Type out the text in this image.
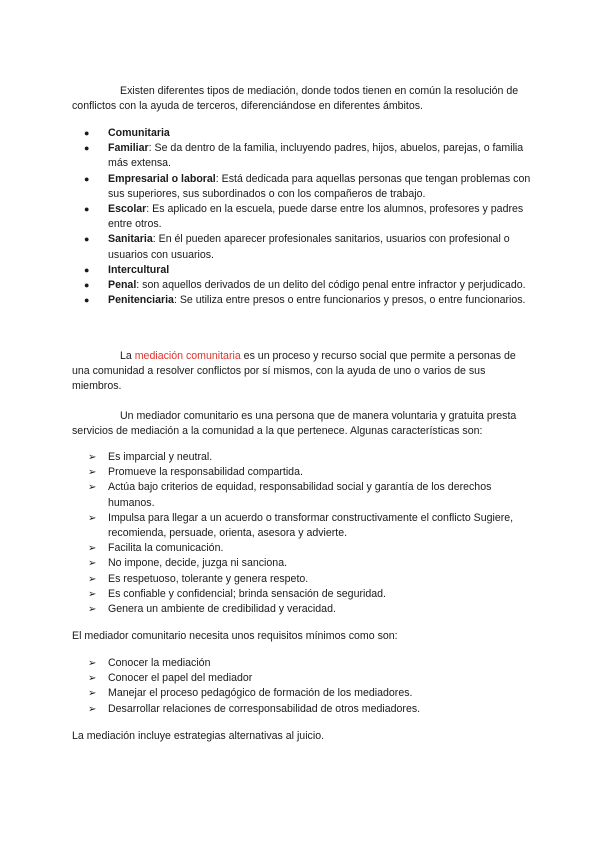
Existen diferentes tipos de mediación, donde todos tienen en común la resolución de conflictos con la ayuda de terceros, diferenciándose en diferentes ámbitos.

● Comunitaria
● Familiar: Se da dentro de la familia, incluyendo padres, hijos, abuelos, parejas, o familia más extensa.
● Empresarial o laboral: Está dedicada para aquellas personas que tengan problemas con sus superiores, sus subordinados o con los compañeros de trabajo.
● Escolar: Es aplicado en la escuela, puede darse entre los alumnos, profesores y padres entre otros.
● Sanitaria: En él pueden aparecer profesionales sanitarios, usuarios con profesional o usuarios con usuarios.
● Intercultural
● Penal: son aquellos derivados de un delito del código penal entre infractor y perjudicado.
● Penitenciaria: Se utiliza entre presos o entre funcionarios y presos, o entre funcionarios.

La mediación comunitaria es un proceso y recurso social que permite a personas de una comunidad a resolver conflictos por sí mismos, con la ayuda de uno o varios de sus miembros.

Un mediador comunitario es una persona que de manera voluntaria y gratuita presta servicios de mediación a la comunidad a la que pertenece. Algunas características son:

➢ Es imparcial y neutral.
➢ Promueve la responsabilidad compartida.
➢ Actúa bajo criterios de equidad, responsabilidad social y garantía de los derechos humanos.
➢ Impulsa para llegar a un acuerdo o transformar constructivamente el conflicto Sugiere, recomienda, persuade, orienta, asesora y advierte.
➢ Facilita la comunicación.
➢ No impone, decide, juzga ni sanciona.
➢ Es respetuoso, tolerante y genera respeto.
➢ Es confiable y confidencial; brinda sensación de seguridad.
➢ Genera un ambiente de credibilidad y veracidad.

El mediador comunitario necesita unos requisitos mínimos como son:

➢ Conocer la mediación
➢ Conocer el papel del mediador
➢ Manejar el proceso pedagógico de formación de los mediadores.
➢ Desarrollar relaciones de corresponsabilidad de otros mediadores.

La mediación incluye estrategias alternativas al juicio.
